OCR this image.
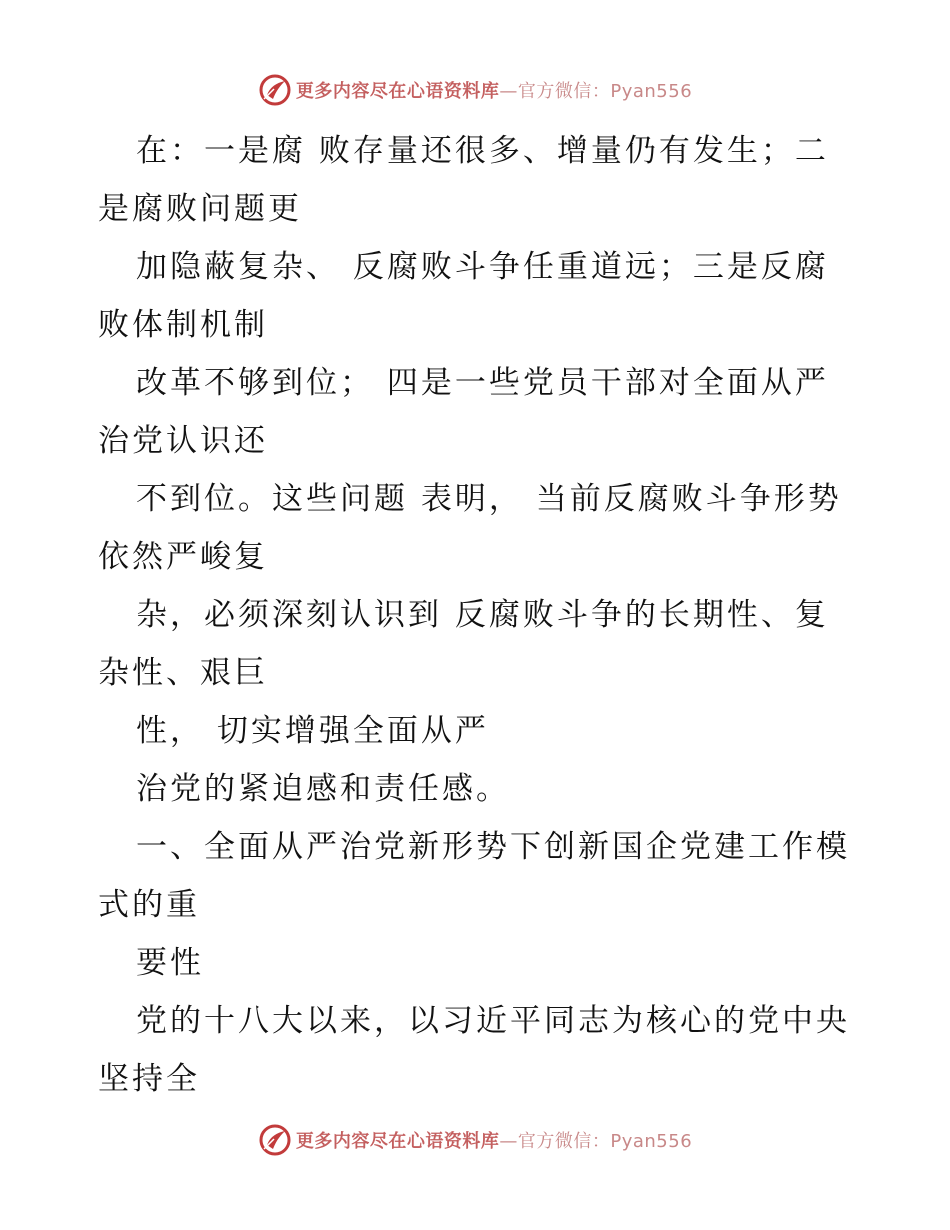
更多内容尽在心语资料库—官方微信：Pyan556
在：一是腐 败存量还很多、增量仍有发生；二
是腐败问题更
加隐蔽复杂、 反腐败斗争任重道远；三是反腐
败体制机制
改革不够到位； 四是一些党员干部对全面从严
治党认识还
不到位。这些问题 表明， 当前反腐败斗争形势
依然严峻复
杂，必须深刻认识到 反腐败斗争的长期性、复
杂性、艰巨
性， 切实增强全面从严
治党的紧迫感和责任感。
一、全面从严治党新形势下创新国企党建工作模
式的重
要性
党的十八大以来，以习近平同志为核心的党中央
坚持全
更多内容尽在心语资料库—官方微信：Pyan556
